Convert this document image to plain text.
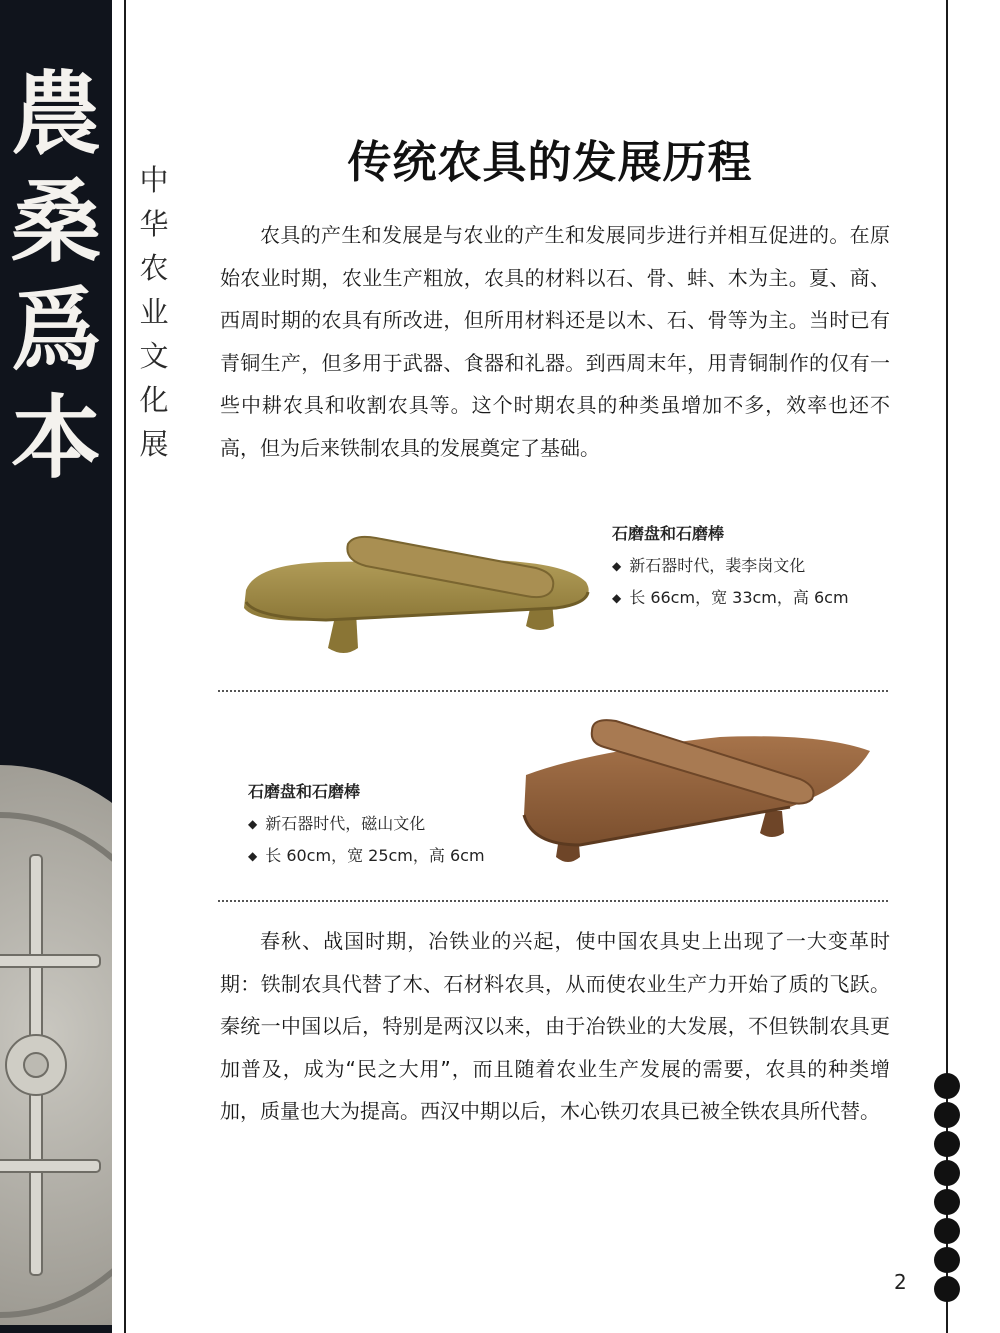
農
桑
爲
本
中
华
农
业
文
化
展
传统农具的发展历程

农具的产生和发展是与农业的产生和发展同步进行并相互促进的。在原始农业时期，农业生产粗放，农具的材料以石、骨、蚌、木为主。夏、商、西周时期的农具有所改进，但所用材料还是以木、石、骨等为主。当时已有青铜生产，但多用于武器、食器和礼器。到西周末年，用青铜制作的仅有一些中耕农具和收割农具等。这个时期农具的种类虽增加不多，效率也还不高，但为后来铁制农具的发展奠定了基础。

石磨盘和石磨棒
◆ 新石器时代，裴李岗文化
◆ 长 66cm，宽 33cm，高 6cm
石磨盘和石磨棒
◆ 新石器时代，磁山文化
◆ 长 60cm，宽 25cm，高 6cm

春秋、战国时期，冶铁业的兴起，使中国农具史上出现了一大变革时期：铁制农具代替了木、石材料农具，从而使农业生产力开始了质的飞跃。秦统一中国以后，特别是两汉以来，由于冶铁业的大发展，不但铁制农具更加普及，成为“民之大用”，而且随着农业生产发展的需要，农具的种类增加，质量也大为提高。西汉中期以后，木心铁刃农具已被全铁农具所代替。

2
